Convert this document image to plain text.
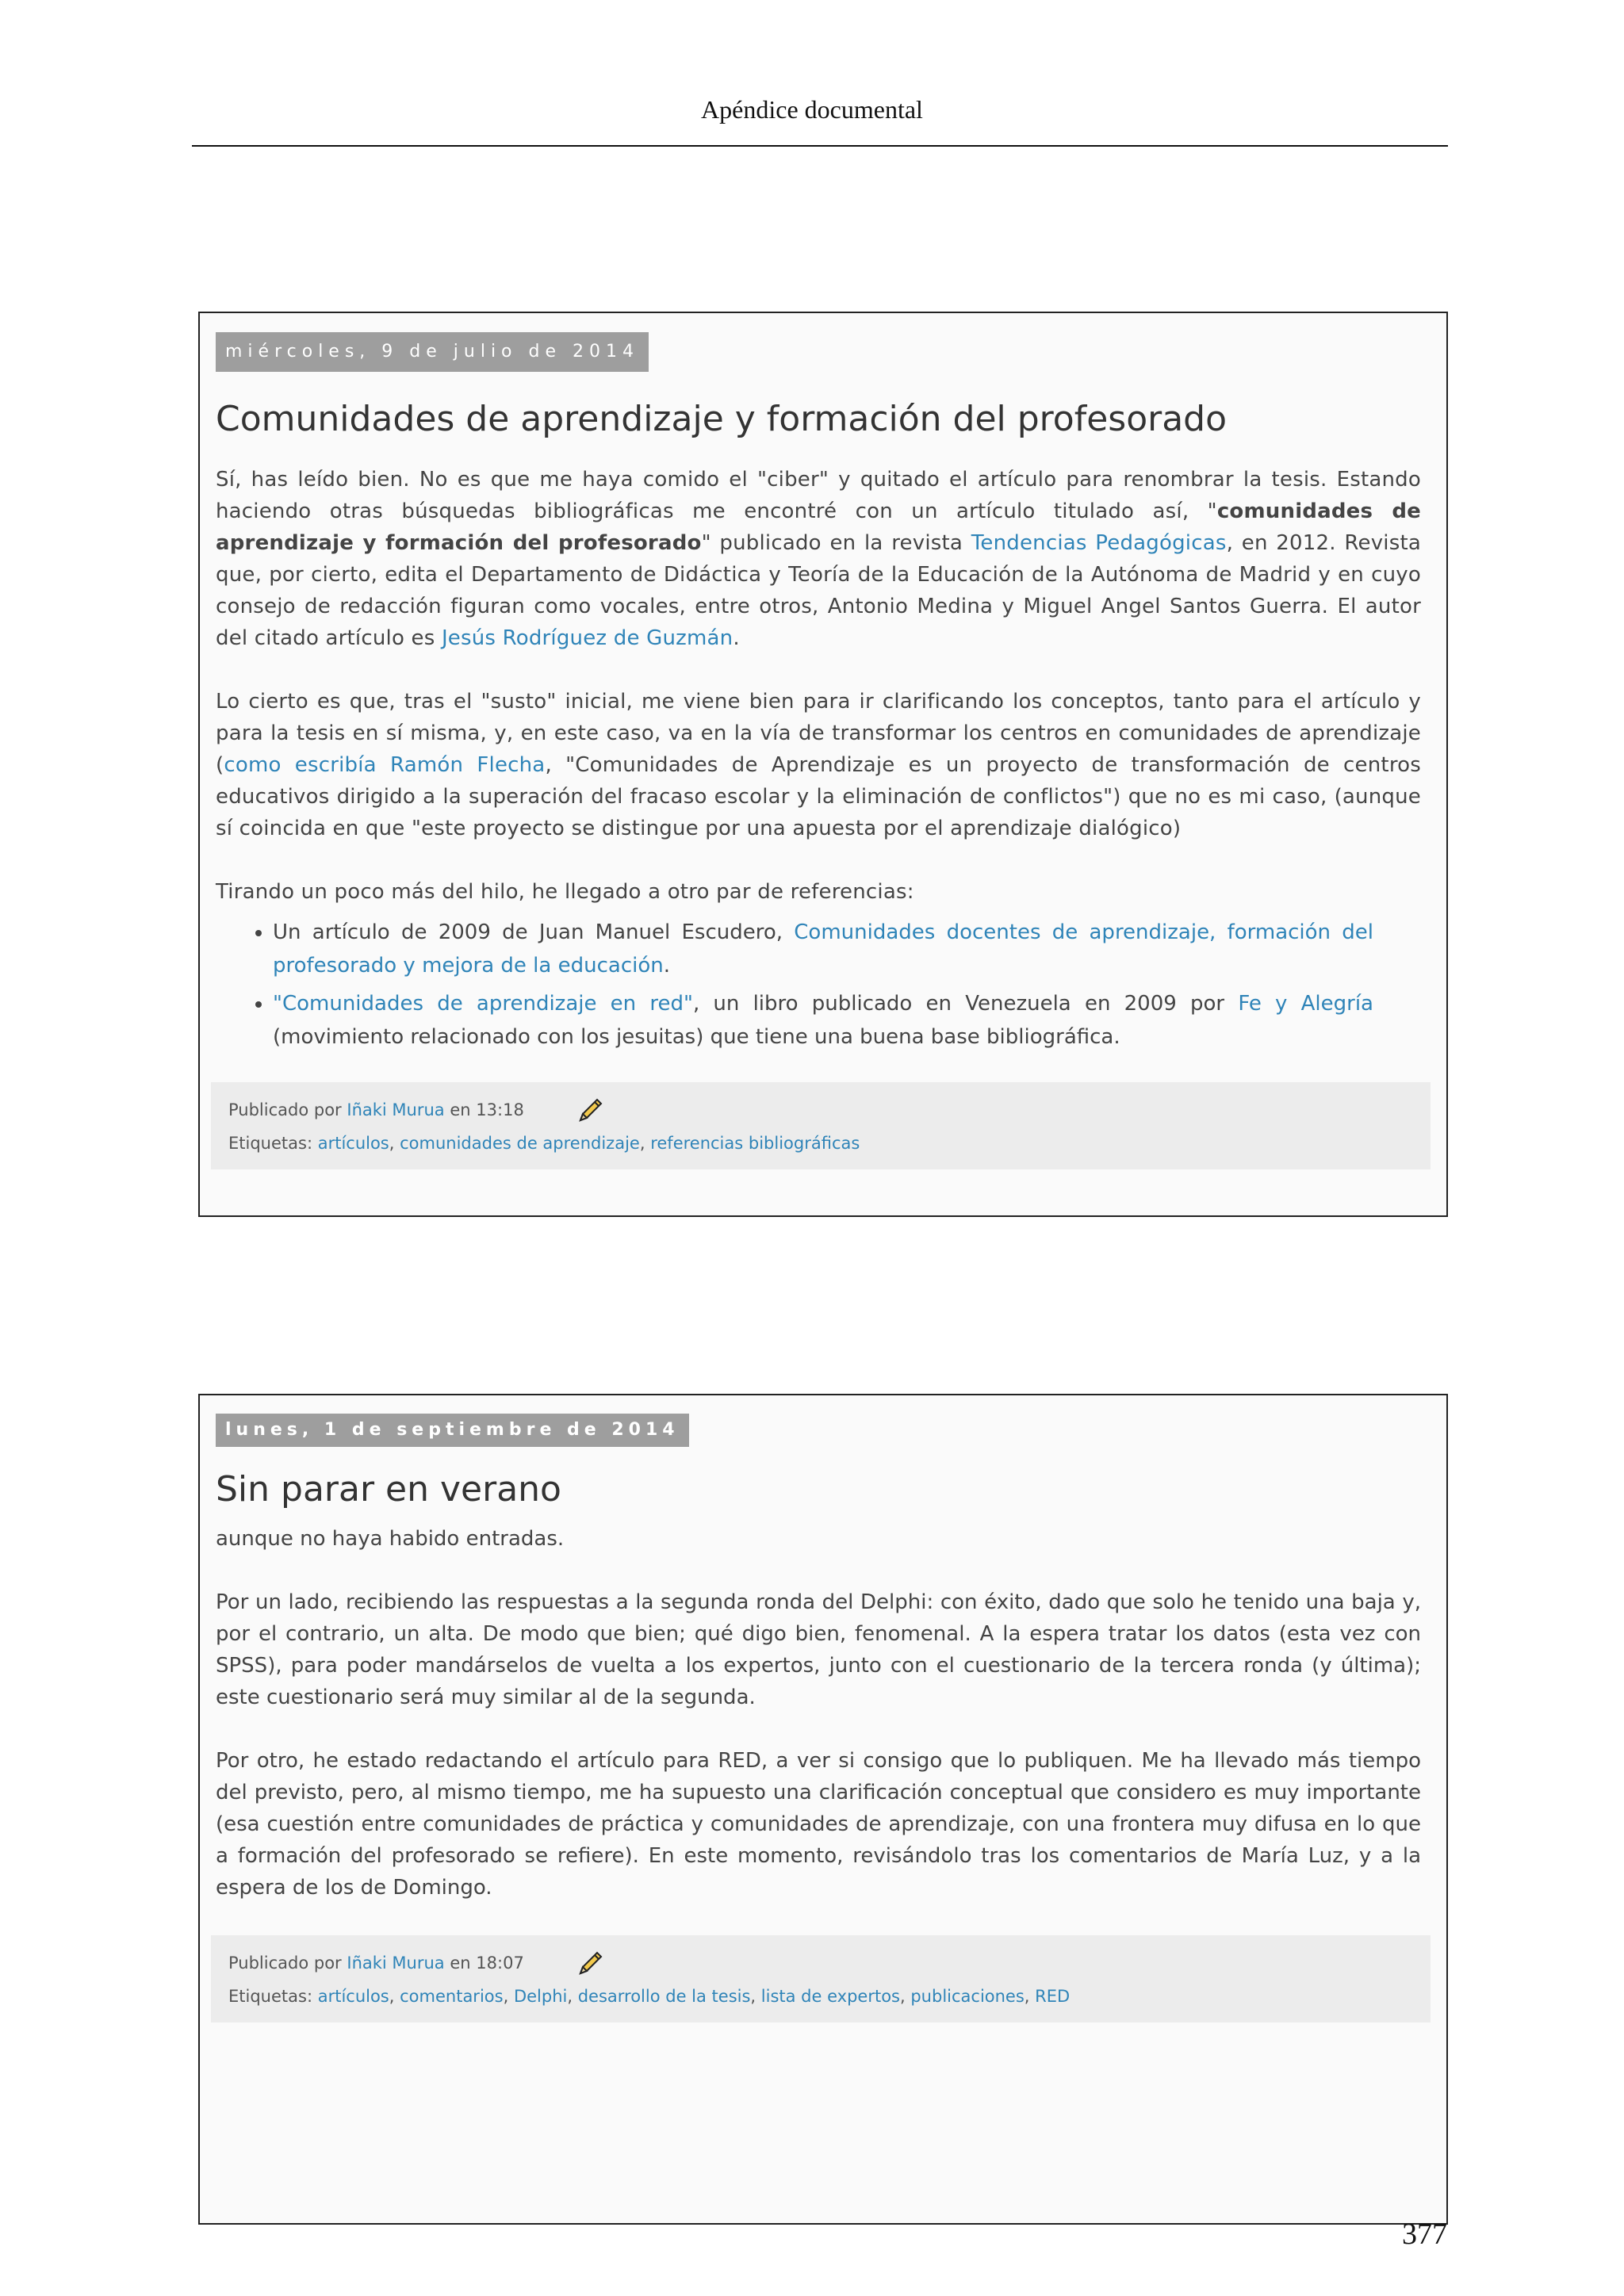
Apéndice documental
miércoles, 9 de julio de 2014
Comunidades de aprendizaje y formación del profesorado

Sí, has leído bien. No es que me haya comido el "ciber" y quitado el artículo para renombrar la tesis. Estando haciendo otras búsquedas bibliográficas me encontré con un artículo titulado así, "comunidades de aprendizaje y formación del profesorado" publicado en la revista Tendencias Pedagógicas, en 2012. Revista que, por cierto, edita el Departamento de Didáctica y Teoría de la Educación de la Autónoma de Madrid y en cuyo consejo de redacción figuran como vocales, entre otros, Antonio Medina y Miguel Angel Santos Guerra. El autor del citado artículo es Jesús Rodríguez de Guzmán.

Lo cierto es que, tras el "susto" inicial, me viene bien para ir clarificando los conceptos, tanto para el artículo y para la tesis en sí misma, y, en este caso, va en la vía de transformar los centros en comunidades de aprendizaje (como escribía Ramón Flecha, "Comunidades de Aprendizaje es un proyecto de transformación de centros educativos dirigido a la superación del fracaso escolar y la eliminación de conflictos") que no es mi caso, (aunque sí coincida en que "este proyecto se distingue por una apuesta por el aprendizaje dialógico)

Tirando un poco más del hilo, he llegado a otro par de referencias:

• Un artículo de 2009 de Juan Manuel Escudero, Comunidades docentes de aprendizaje, formación del profesorado y mejora de la educación.
• "Comunidades de aprendizaje en red", un libro publicado en Venezuela en 2009 por Fe y Alegría (movimiento relacionado con los jesuitas) que tiene una buena base bibliográfica.
Publicado por Iñaki Murua en 13:18
Etiquetas: artículos, comunidades de aprendizaje, referencias bibliográficas
lunes, 1 de septiembre de 2014
Sin parar en verano

aunque no haya habido entradas.

Por un lado, recibiendo las respuestas a la segunda ronda del Delphi: con éxito, dado que solo he tenido una baja y, por el contrario, un alta. De modo que bien; qué digo bien, fenomenal. A la espera tratar los datos (esta vez con SPSS), para poder mandárselos de vuelta a los expertos, junto con el cuestionario de la tercera ronda (y última); este cuestionario será muy similar al de la segunda.

Por otro, he estado redactando el artículo para RED, a ver si consigo que lo publiquen. Me ha llevado más tiempo del previsto, pero, al mismo tiempo, me ha supuesto una clarificación conceptual que considero es muy importante (esa cuestión entre comunidades de práctica y comunidades de aprendizaje, con una frontera muy difusa en lo que a formación del profesorado se refiere). En este momento, revisándolo tras los comentarios de María Luz, y a la espera de los de Domingo.

Publicado por Iñaki Murua en 18:07
Etiquetas: artículos, comentarios, Delphi, desarrollo de la tesis, lista de expertos, publicaciones, RED
377
